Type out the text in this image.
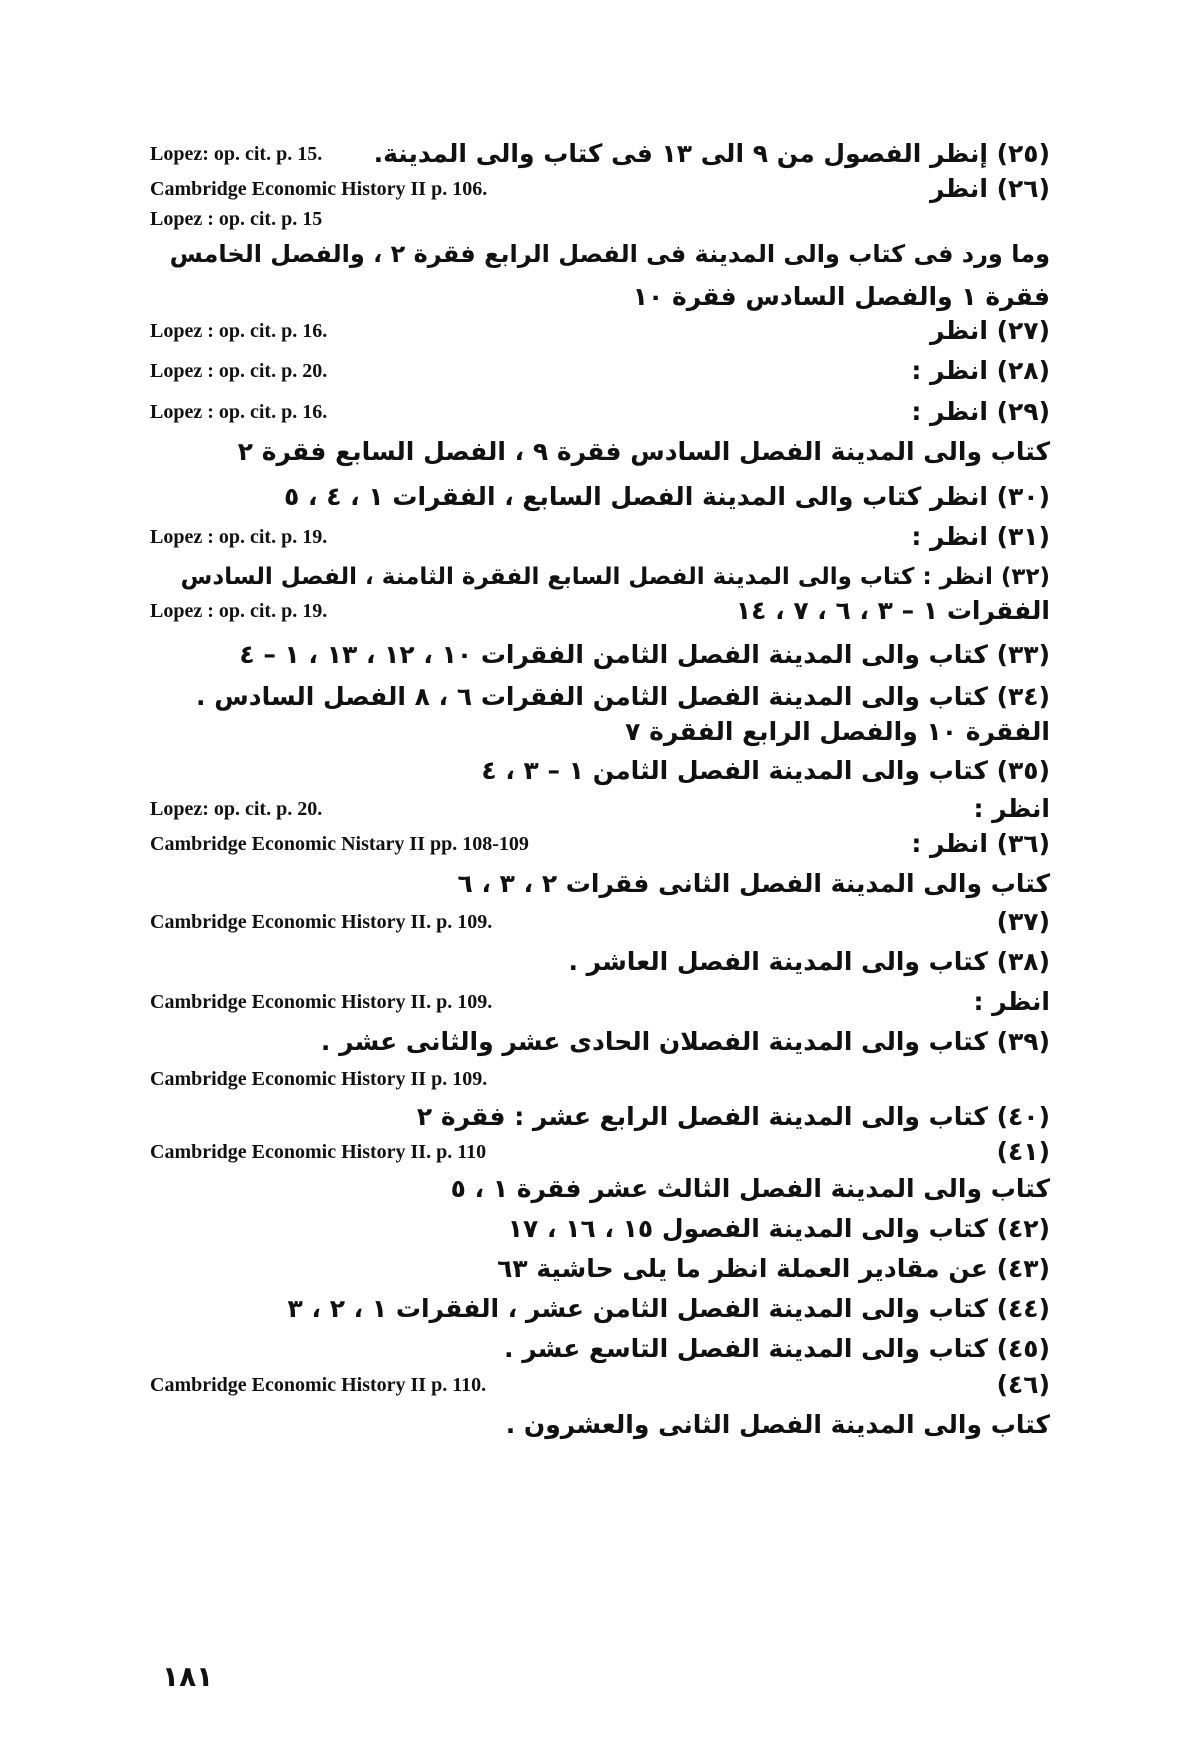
(٢٥) إنظر الفصول من ٩ الى ١٣ فى كتاب والى المدينة.
Lopez: op. cit. p. 15.
(٢٦) انظر
Cambridge Economic History II p. 106.
Lopez : op. cit. p. 15
وما ورد فى كتاب والى المدينة فى الفصل الرابع فقرة ٢ ، والفصل الخامس
فقرة ١ والفصل السادس فقرة ١٠
(٢٧) انظر
Lopez : op. cit. p. 16.
(٢٨) انظر :
Lopez : op. cit. p. 20.
(٢٩) انظر :
Lopez : op. cit. p. 16.
كتاب والى المدينة الفصل السادس فقرة ٩ ، الفصل السابع فقرة ٢
(٣٠) انظر كتاب والى المدينة الفصل السابع ، الفقرات ١ ، ٤ ، ٥
(٣١) انظر :
Lopez : op. cit. p. 19.
(٣٢) انظر : كتاب والى المدينة الفصل السابع الفقرة الثامنة ، الفصل السادس
الفقرات ١ – ٣ ، ٦ ، ٧ ، ١٤
Lopez : op. cit. p. 19.
(٣٣) كتاب والى المدينة الفصل الثامن الفقرات ١٠ ، ١٢ ، ١٣ ، ١ – ٤
(٣٤) كتاب والى المدينة الفصل الثامن الفقرات ٦ ، ٨ الفصل السادس .
الفقرة ١٠ والفصل الرابع الفقرة ٧
(٣٥) كتاب والى المدينة الفصل الثامن ١ – ٣ ، ٤
انظر :
Lopez: op. cit. p. 20.
(٣٦) انظر :
Cambridge Economic Nistary II pp. 108-109
كتاب والى المدينة الفصل الثانى فقرات ٢ ، ٣ ، ٦
(٣٧)
Cambridge Economic History II. p. 109.
(٣٨) كتاب والى المدينة الفصل العاشر .
انظر :
Cambridge Economic History II. p. 109.
(٣٩) كتاب والى المدينة الفصلان الحادى عشر والثانى عشر .
Cambridge Economic History II p. 109.
(٤٠) كتاب والى المدينة الفصل الرابع عشر : فقرة ٢
(٤١)
Cambridge Economic History II. p. 110
كتاب والى المدينة الفصل الثالث عشر فقرة ١ ، ٥
(٤٢) كتاب والى المدينة الفصول ١٥ ، ١٦ ، ١٧
(٤٣) عن مقادير العملة انظر ما يلى حاشية ٦٣
(٤٤) كتاب والى المدينة الفصل الثامن عشر ، الفقرات ١ ، ٢ ، ٣
(٤٥) كتاب والى المدينة الفصل التاسع عشر .
(٤٦)
Cambridge Economic History II p. 110.
كتاب والى المدينة الفصل الثانى والعشرون .
١٨١
